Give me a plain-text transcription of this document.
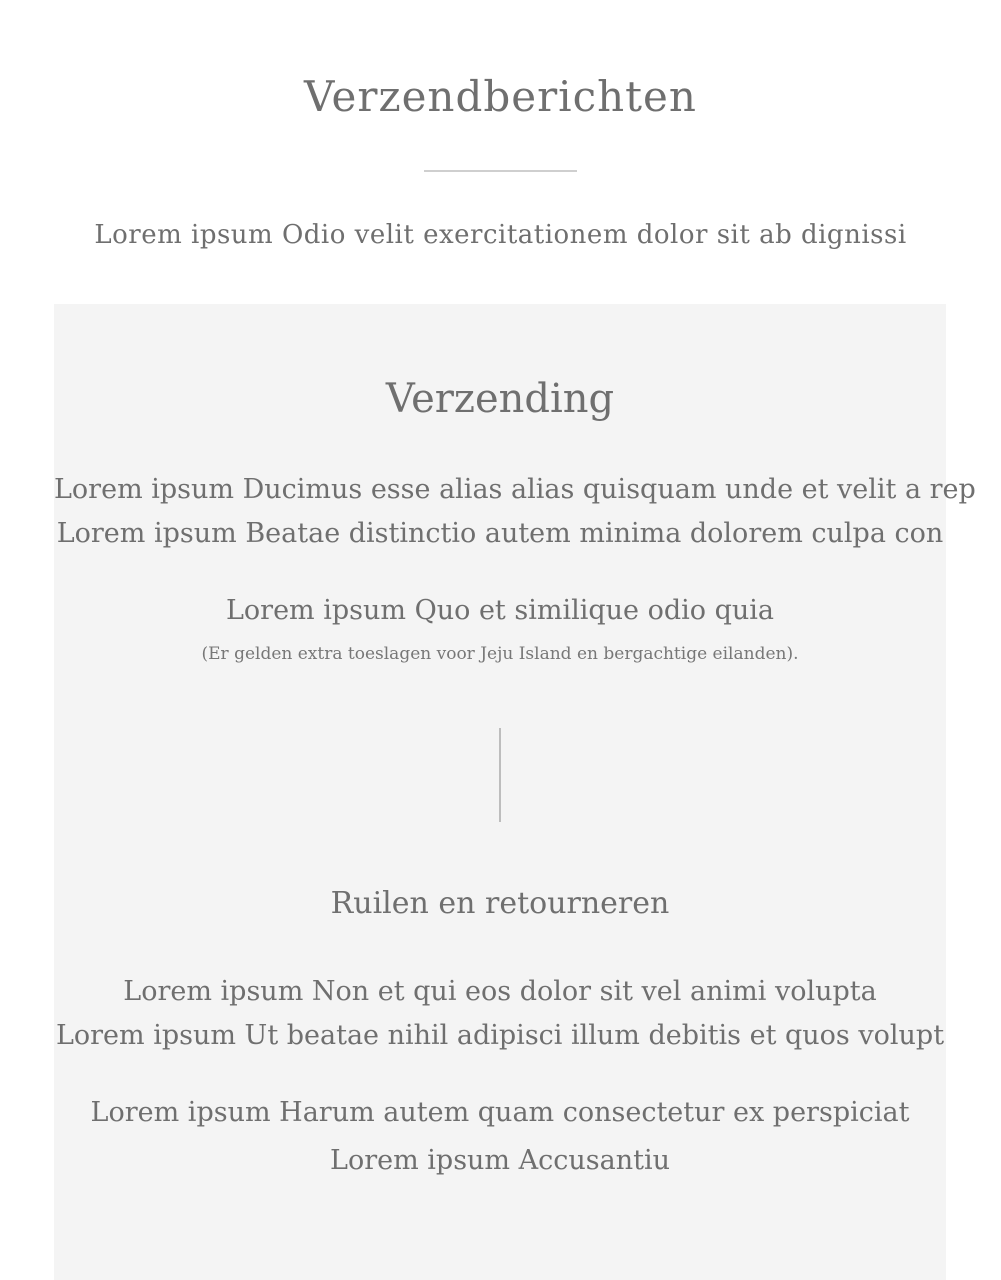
Verzendberichten

Lorem ipsum Odio velit exercitationem dolor sit ab dignissi

Verzending

Lorem ipsum Ducimus esse alias alias quisquam unde et velit a rep

Lorem ipsum Beatae distinctio autem minima dolorem culpa con

Lorem ipsum Quo et similique odio quia

(Er gelden extra toeslagen voor Jeju Island en bergachtige eilanden).

Ruilen en retourneren

Lorem ipsum Non et qui eos dolor sit vel animi volupta

Lorem ipsum Ut beatae nihil adipisci illum debitis et quos volupt

Lorem ipsum Harum autem quam consectetur ex perspiciat

Lorem ipsum Accusantiu
